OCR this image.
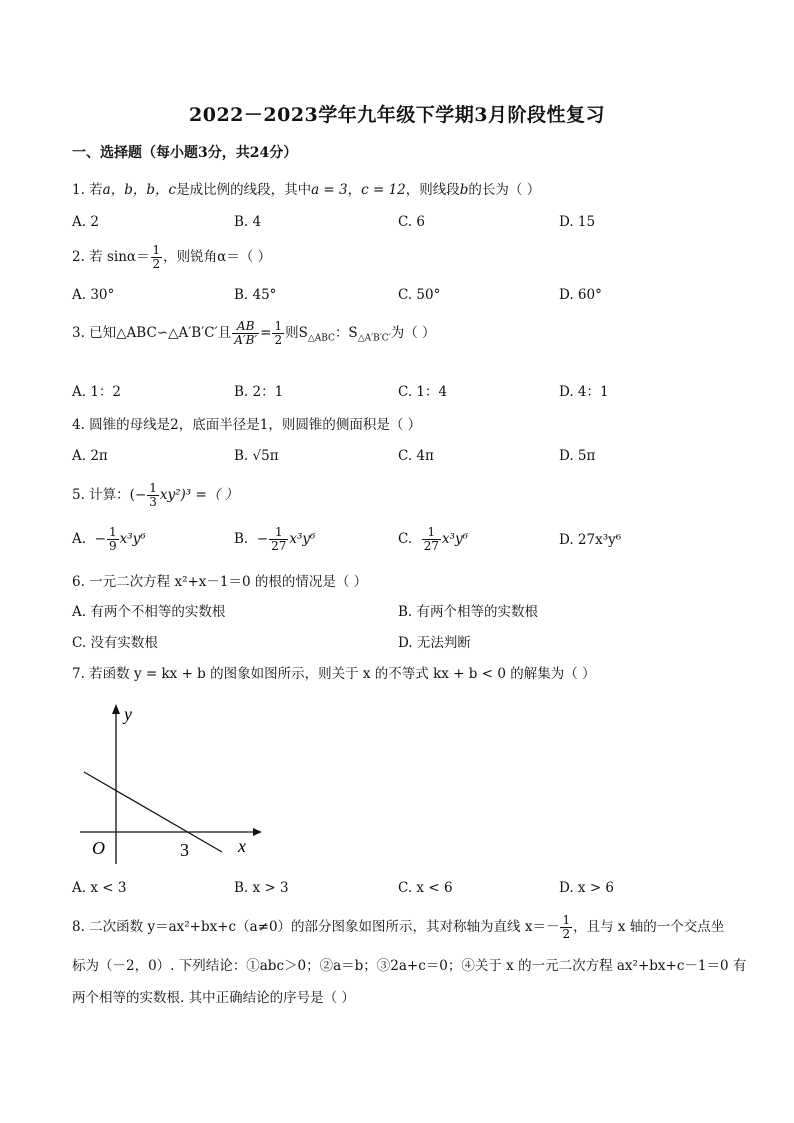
2022－2023学年九年级下学期3月阶段性复习
一、选择题（每小题3分，共24分）
1. 若a，b，b，c是成比例的线段，其中a = 3，c = 12，则线段b的长为（ ）
A. 2	B. 4	C. 6	D. 15
2. 若 $\sin\alpha= \frac{1}{2}$ ，则锐角α＝（ ）
A. 30°	B. 45°	C. 50°	D. 60°
3. 已知△ABC∽△A′B′C′且 $\frac{AB}{A'B'} = \frac{1}{2}$ 则$S_{\triangle ABC}$：$S_{\triangle A'B'C'}$为（ ）
A. 1：2	B. 2：1	C. 1：4	D. 4：1
4. 圆锥的母线是2，底面半径是1，则圆锥的侧面积是（ ）
A. 2π	B. √5π	C. 4π	D. 5π
5. 计算：(− $\frac{1}{3} xy^2)^3$ =（ ）
A. − $\frac{1}{9} x^3y^6$	B. − $\frac{1}{27} x^3y^6$	C. $\frac{1}{27} x^3y^6$	D. 27x³y⁶
6. 一元二次方程 x²+x－1＝0 的根的情况是（ ）
A. 有两个不相等的实数根	B. 有两个相等的实数根
C. 没有实数根	D. 无法判断
7. 若函数 y = kx + b 的图象如图所示，则关于 x 的不等式 kx + b < 0 的解集为（ ）
y
x
O	3
A. x < 3	B. x > 3	C. x < 6	D. x > 6
8. 二次函数 y＝ax²+bx+c（a≠0）的部分图象如图所示，其对称轴为直线 $x=- \frac{1}{2}$ ，且与 x 轴的一个交点坐
标为（－2，0）. 下列结论：①abc＞0；②a＝b；③2a+c＝0；④关于 x 的一元二次方程 ax²+bx+c－1＝0 有
两个相等的实数根. 其中正确结论的序号是（ ）
